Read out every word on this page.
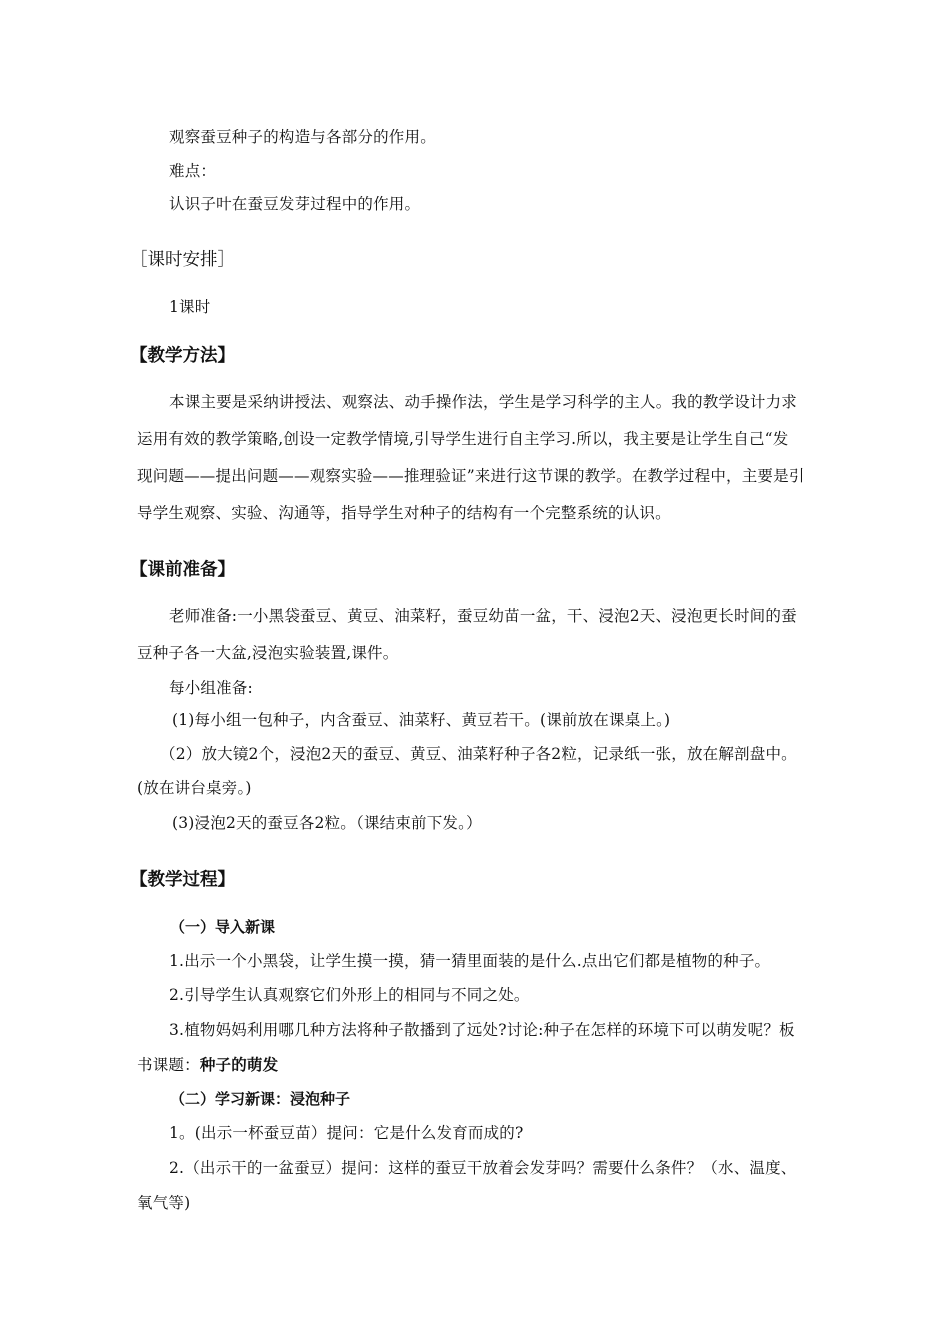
观察蚕豆种子的构造与各部分的作用。
难点：
认识子叶在蚕豆发芽过程中的作用。
［课时安排］
1课时
【教学方法】
本课主要是采纳讲授法、观察法、动手操作法，学生是学习科学的主人。我的教学设计力求
运用有效的教学策略,创设一定教学情境,引导学生进行自主学习.所以，我主要是让学生自己“发
现问题——提出问题——观察实验——推理验证”来进行这节课的教学。在教学过程中，主要是引
导学生观察、实验、沟通等，指导学生对种子的结构有一个完整系统的认识。
【课前准备】
老师准备:一小黑袋蚕豆、黄豆、油菜籽，蚕豆幼苗一盆，干、浸泡2天、浸泡更长时间的蚕
豆种子各一大盆,浸泡实验装置,课件。
每小组准备:
(1)每小组一包种子，内含蚕豆、油菜籽、黄豆若干。(课前放在课桌上。)
（2）放大镜2个，浸泡2天的蚕豆、黄豆、油菜籽种子各2粒，记录纸一张，放在解剖盘中。
(放在讲台桌旁。)
(3)浸泡2天的蚕豆各2粒。（课结束前下发。）
【教学过程】
（一）导入新课
1.出示一个小黑袋，让学生摸一摸，猜一猜里面装的是什么.点出它们都是植物的种子。
2.引导学生认真观察它们外形上的相同与不同之处。
3.植物妈妈利用哪几种方法将种子散播到了远处?讨论:种子在怎样的环境下可以萌发呢？板
书课题：种子的萌发
（二）学习新课：浸泡种子
1。(出示一杯蚕豆苗）提问：它是什么发育而成的?
2.（出示干的一盆蚕豆）提问：这样的蚕豆干放着会发芽吗？需要什么条件？（水、温度、
氧气等)
